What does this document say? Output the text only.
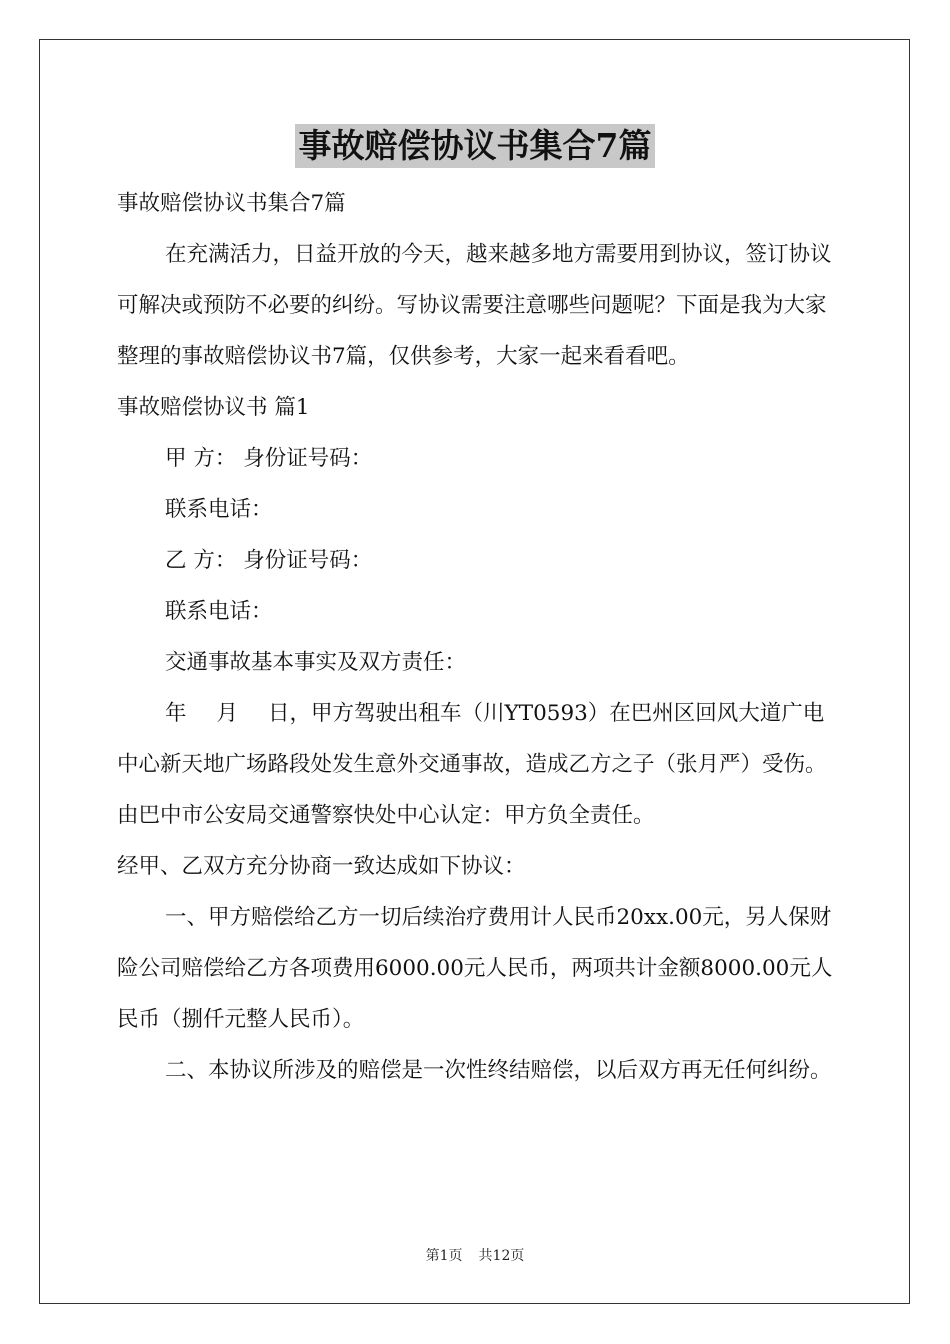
事故赔偿协议书集合7篇

事故赔偿协议书集合7篇

在充满活力，日益开放的今天，越来越多地方需要用到协议，签订协议可解决或预防不必要的纠纷。写协议需要注意哪些问题呢？下面是我为大家整理的事故赔偿协议书7篇，仅供参考，大家一起来看看吧。

事故赔偿协议书 篇1

甲 方： 身份证号码：

联系电话：

乙 方： 身份证号码：

联系电话：

交通事故基本事实及双方责任：

年 月 日，甲方驾驶出租车（川YT0593）在巴州区回风大道广电中心新天地广场路段处发生意外交通事故，造成乙方之子（张月严）受伤。由巴中市公安局交通警察快处中心认定：甲方负全责任。

经甲、乙双方充分协商一致达成如下协议：

一、甲方赔偿给乙方一切后续治疗费用计人民币20xx.00元，另人保财险公司赔偿给乙方各项费用6000.00元人民币，两项共计金额8000.00元人民币（捌仟元整人民币）。

二、本协议所涉及的赔偿是一次性终结赔偿，以后双方再无任何纠纷。

第1页 共12页
